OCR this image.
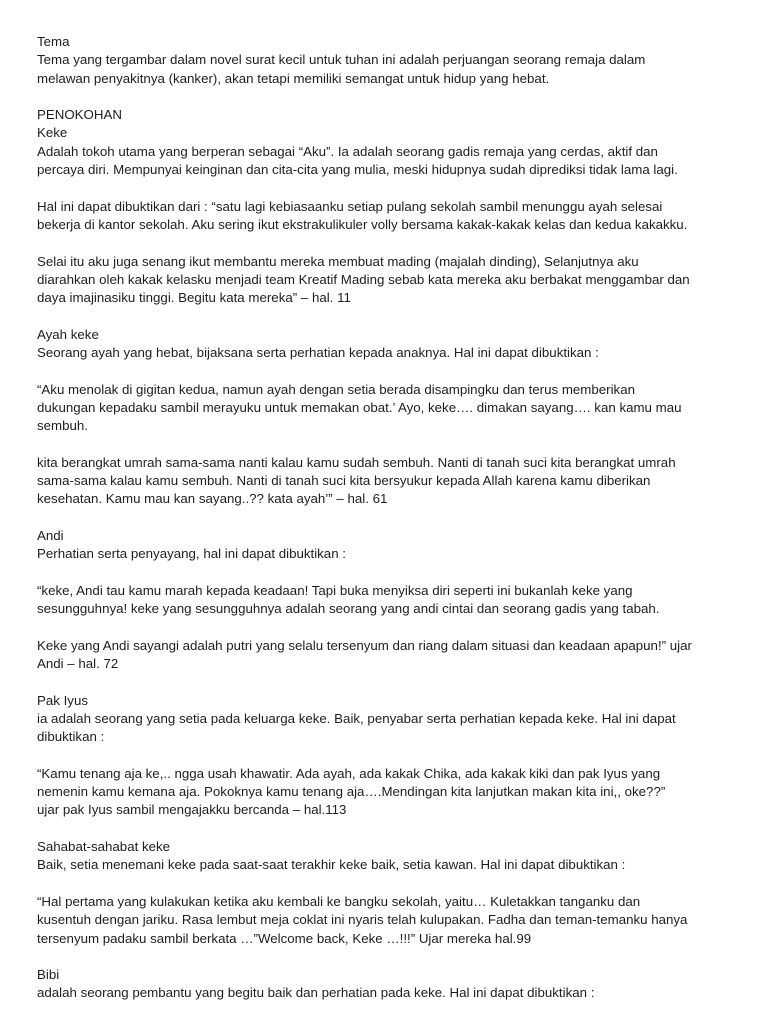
Tema
Tema yang tergambar dalam novel surat kecil untuk tuhan ini adalah perjuangan seorang remaja dalam
melawan penyakitnya (kanker), akan tetapi memiliki semangat untuk hidup yang hebat.
PENOKOHAN
Keke
Adalah tokoh utama yang berperan sebagai “Aku”. Ia adalah seorang gadis remaja yang cerdas, aktif dan
percaya diri. Mempunyai keinginan dan cita-cita yang mulia, meski hidupnya sudah diprediksi tidak lama lagi.
Hal ini dapat dibuktikan dari : “satu lagi kebiasaanku setiap pulang sekolah sambil menunggu ayah selesai
bekerja di kantor sekolah. Aku sering ikut ekstrakulikuler volly bersama kakak-kakak kelas dan kedua kakakku.
Selai itu aku juga senang ikut membantu mereka membuat mading (majalah dinding), Selanjutnya aku
diarahkan oleh kakak kelasku menjadi team Kreatif Mading sebab kata mereka aku berbakat menggambar dan
daya imajinasiku tinggi. Begitu kata mereka” – hal. 11
Ayah keke
Seorang ayah yang hebat, bijaksana serta perhatian kepada anaknya. Hal ini dapat dibuktikan :
“Aku menolak di gigitan kedua, namun ayah dengan setia berada disampingku dan terus memberikan
dukungan kepadaku sambil merayuku untuk memakan obat.’ Ayo, keke…. dimakan sayang…. kan kamu mau
sembuh.
kita berangkat umrah sama-sama nanti kalau kamu sudah sembuh. Nanti di tanah suci kita berangkat umrah
sama-sama kalau kamu sembuh. Nanti di tanah suci kita bersyukur kepada Allah karena kamu diberikan
kesehatan. Kamu mau kan sayang..?? kata ayah’” – hal. 61
Andi
Perhatian serta penyayang, hal ini dapat dibuktikan :
“keke, Andi tau kamu marah kepada keadaan! Tapi buka menyiksa diri seperti ini bukanlah keke yang
sesungguhnya! keke yang sesungguhnya adalah seorang yang andi cintai dan seorang gadis yang tabah.
Keke yang Andi sayangi adalah putri yang selalu tersenyum dan riang dalam situasi dan keadaan apapun!” ujar
Andi – hal. 72
Pak Iyus
ia adalah seorang yang setia pada keluarga keke. Baik, penyabar serta perhatian kepada keke. Hal ini dapat
dibuktikan :
“Kamu tenang aja ke,.. ngga usah khawatir. Ada ayah, ada kakak Chika, ada kakak kiki dan pak Iyus yang
nemenin kamu kemana aja. Pokoknya kamu tenang aja….Mendingan kita lanjutkan makan kita ini,, oke??”
ujar pak Iyus sambil mengajakku bercanda – hal.113
Sahabat-sahabat keke
Baik, setia menemani keke pada saat-saat terakhir keke baik, setia kawan. Hal ini dapat dibuktikan :
“Hal pertama yang kulakukan ketika aku kembali ke bangku sekolah, yaitu… Kuletakkan tanganku dan
kusentuh dengan jariku. Rasa lembut meja coklat ini nyaris telah kulupakan. Fadha dan teman-temanku hanya
tersenyum padaku sambil berkata …”Welcome back, Keke …!!!” Ujar mereka hal.99
Bibi
adalah seorang pembantu yang begitu baik dan perhatian pada keke. Hal ini dapat dibuktikan :
